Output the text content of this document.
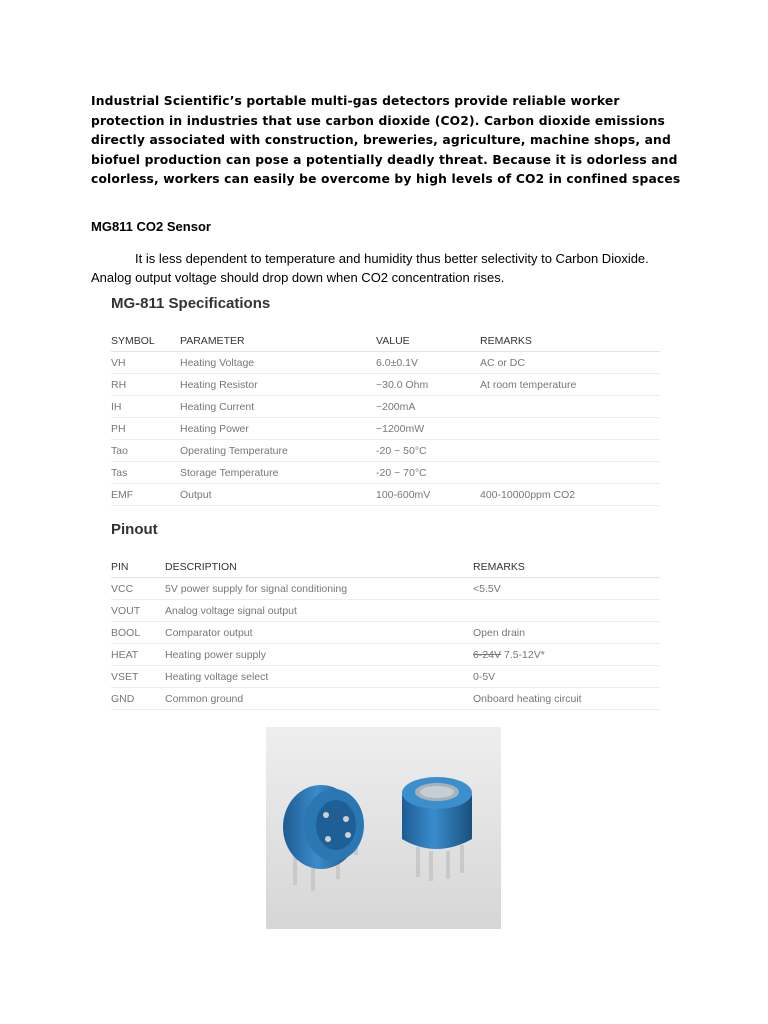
Industrial Scientific’s portable multi-gas detectors provide reliable worker protection in industries that use carbon dioxide (CO2). Carbon dioxide emissions directly associated with construction, breweries, agriculture, machine shops, and biofuel production can pose a potentially deadly threat. Because it is odorless and colorless, workers can easily be overcome by high levels of CO2 in confined spaces

MG811 CO2 Sensor

It is less dependent to temperature and humidity thus better selectivity to Carbon Dioxide. Analog output voltage should drop down when CO2 concentration rises.

MG-811 Specifications
SYMBOL	PARAMETER	VALUE	REMARKS
VH	Heating Voltage	6.0±0.1V	AC or DC
RH	Heating Resistor	~30.0 Ohm	At room temperature
IH	Heating Current	~200mA	
PH	Heating Power	~1200mW	
Tao	Operating Temperature	-20 ~ 50°C	
Tas	Storage Temperature	-20 ~ 70°C	
EMF	Output	100-600mV	400-10000ppm CO2
Pinout
PIN	DESCRIPTION	REMARKS
VCC	5V power supply for signal conditioning	<5.5V
VOUT	Analog voltage signal output	
BOOL	Comparator output	Open drain
HEAT	Heating power supply	6-24V 7.5-12V*
VSET	Heating voltage select	0-5V
GND	Common ground	Onboard heating circuit
